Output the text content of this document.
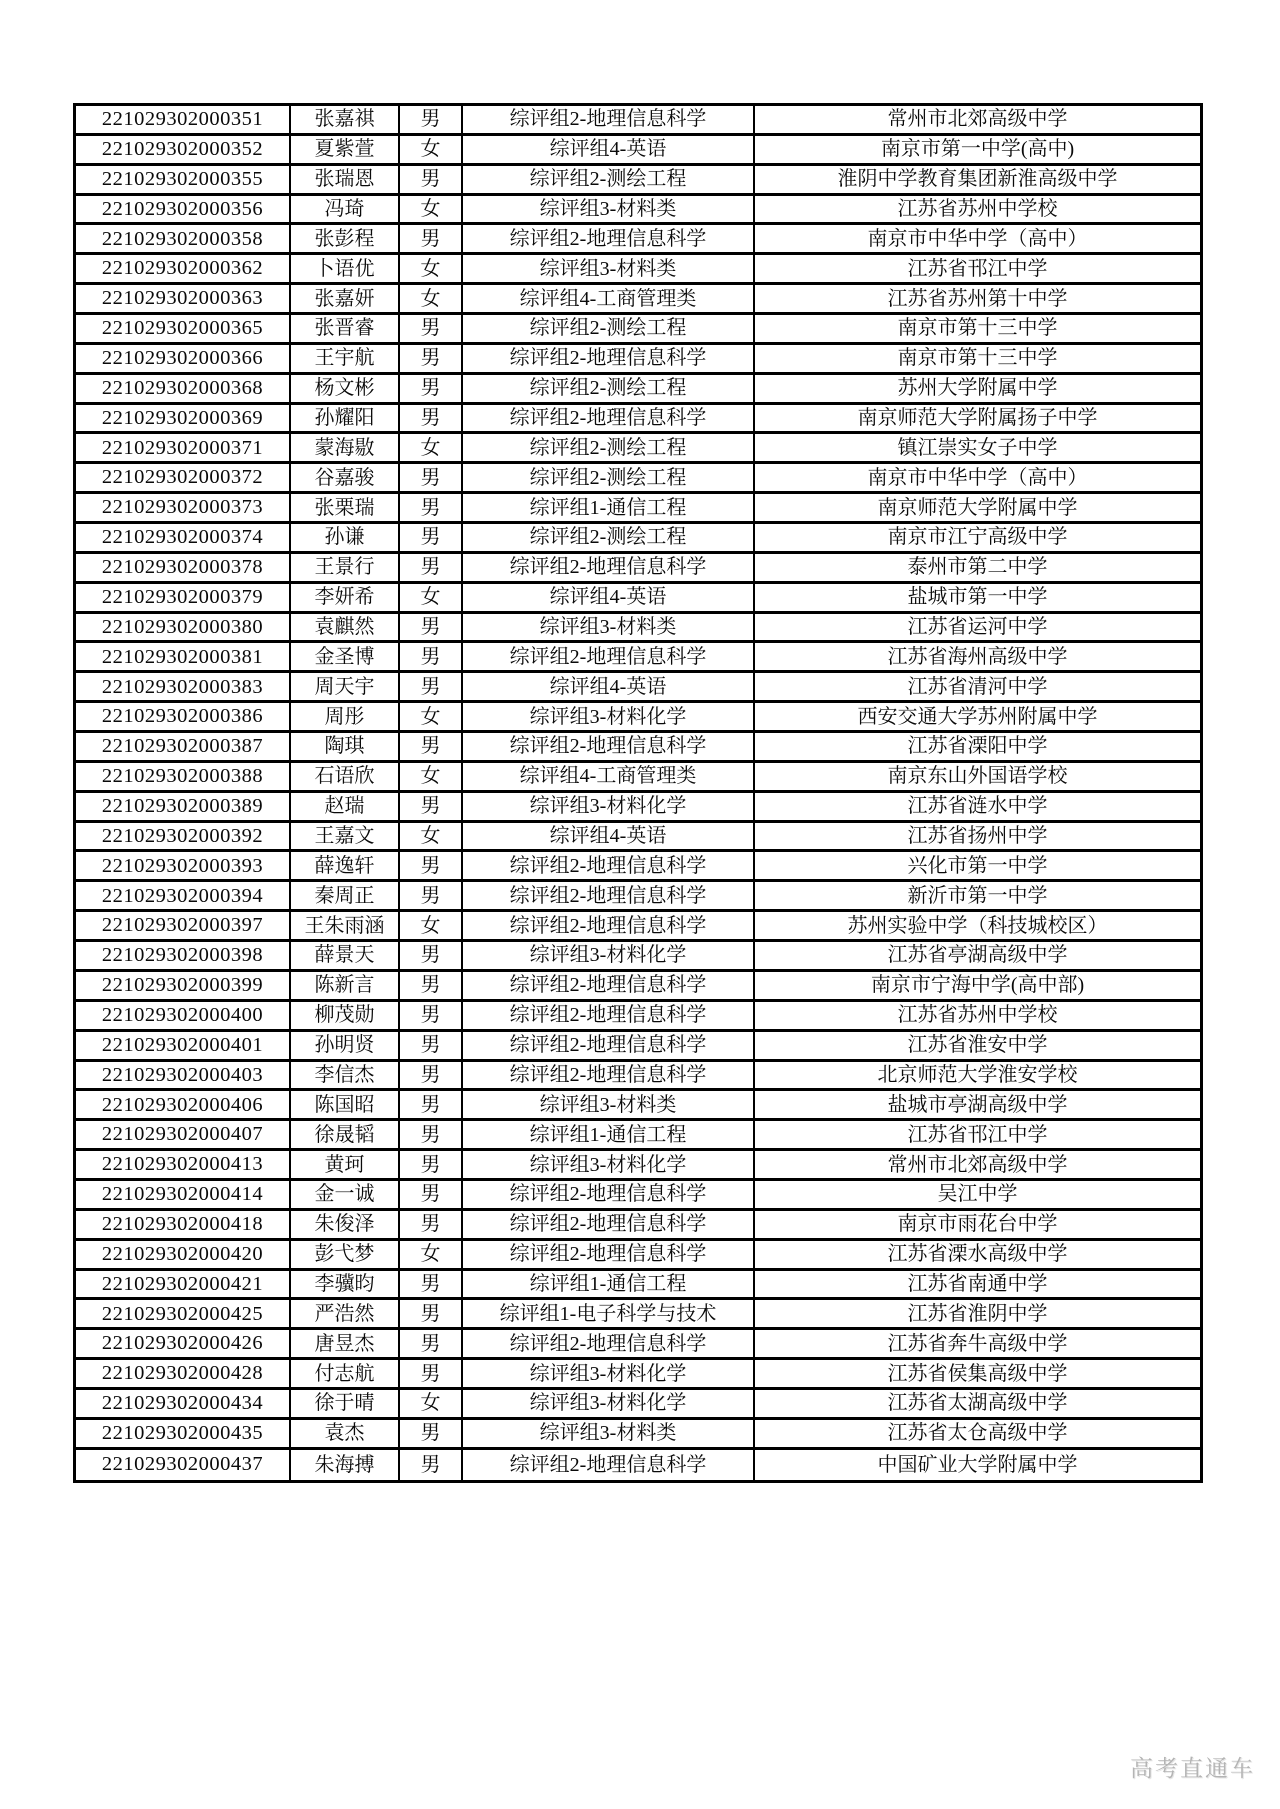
221029302000351	张嘉祺	男	综评组2-地理信息科学	常州市北郊高级中学
221029302000352	夏紫萱	女	综评组4-英语	南京市第一中学(高中)
221029302000355	张瑞恩	男	综评组2-测绘工程	淮阴中学教育集团新淮高级中学
221029302000356	冯琦	女	综评组3-材料类	江苏省苏州中学校
221029302000358	张彭程	男	综评组2-地理信息科学	南京市中华中学（高中）
221029302000362	卜语优	女	综评组3-材料类	江苏省邗江中学
221029302000363	张嘉妍	女	综评组4-工商管理类	江苏省苏州第十中学
221029302000365	张晋睿	男	综评组2-测绘工程	南京市第十三中学
221029302000366	王宇航	男	综评组2-地理信息科学	南京市第十三中学
221029302000368	杨文彬	男	综评组2-测绘工程	苏州大学附属中学
221029302000369	孙耀阳	男	综评组2-地理信息科学	南京师范大学附属扬子中学
221029302000371	蒙海敭	女	综评组2-测绘工程	镇江崇实女子中学
221029302000372	谷嘉骏	男	综评组2-测绘工程	南京市中华中学（高中）
221029302000373	张栗瑞	男	综评组1-通信工程	南京师范大学附属中学
221029302000374	孙谦	男	综评组2-测绘工程	南京市江宁高级中学
221029302000378	王景行	男	综评组2-地理信息科学	泰州市第二中学
221029302000379	李妍希	女	综评组4-英语	盐城市第一中学
221029302000380	袁麒然	男	综评组3-材料类	江苏省运河中学
221029302000381	金圣博	男	综评组2-地理信息科学	江苏省海州高级中学
221029302000383	周天宇	男	综评组4-英语	江苏省清河中学
221029302000386	周彤	女	综评组3-材料化学	西安交通大学苏州附属中学
221029302000387	陶琪	男	综评组2-地理信息科学	江苏省溧阳中学
221029302000388	石语欣	女	综评组4-工商管理类	南京东山外国语学校
221029302000389	赵瑞	男	综评组3-材料化学	江苏省涟水中学
221029302000392	王嘉文	女	综评组4-英语	江苏省扬州中学
221029302000393	薛逸轩	男	综评组2-地理信息科学	兴化市第一中学
221029302000394	秦周正	男	综评组2-地理信息科学	新沂市第一中学
221029302000397	王朱雨涵	女	综评组2-地理信息科学	苏州实验中学（科技城校区）
221029302000398	薛景天	男	综评组3-材料化学	江苏省亭湖高级中学
221029302000399	陈新言	男	综评组2-地理信息科学	南京市宁海中学(高中部)
221029302000400	柳茂勋	男	综评组2-地理信息科学	江苏省苏州中学校
221029302000401	孙明贤	男	综评组2-地理信息科学	江苏省淮安中学
221029302000403	李信杰	男	综评组2-地理信息科学	北京师范大学淮安学校
221029302000406	陈国昭	男	综评组3-材料类	盐城市亭湖高级中学
221029302000407	徐晟韬	男	综评组1-通信工程	江苏省邗江中学
221029302000413	黄珂	男	综评组3-材料化学	常州市北郊高级中学
221029302000414	金一诚	男	综评组2-地理信息科学	吴江中学
221029302000418	朱俊泽	男	综评组2-地理信息科学	南京市雨花台中学
221029302000420	彭弋梦	女	综评组2-地理信息科学	江苏省溧水高级中学
221029302000421	李骥昀	男	综评组1-通信工程	江苏省南通中学
221029302000425	严浩然	男	综评组1-电子科学与技术	江苏省淮阴中学
221029302000426	唐昱杰	男	综评组2-地理信息科学	江苏省奔牛高级中学
221029302000428	付志航	男	综评组3-材料化学	江苏省侯集高级中学
221029302000434	徐于晴	女	综评组3-材料化学	江苏省太湖高级中学
221029302000435	袁杰	男	综评组3-材料类	江苏省太仓高级中学
221029302000437	朱海搏	男	综评组2-地理信息科学	中国矿业大学附属中学
高考直通车
